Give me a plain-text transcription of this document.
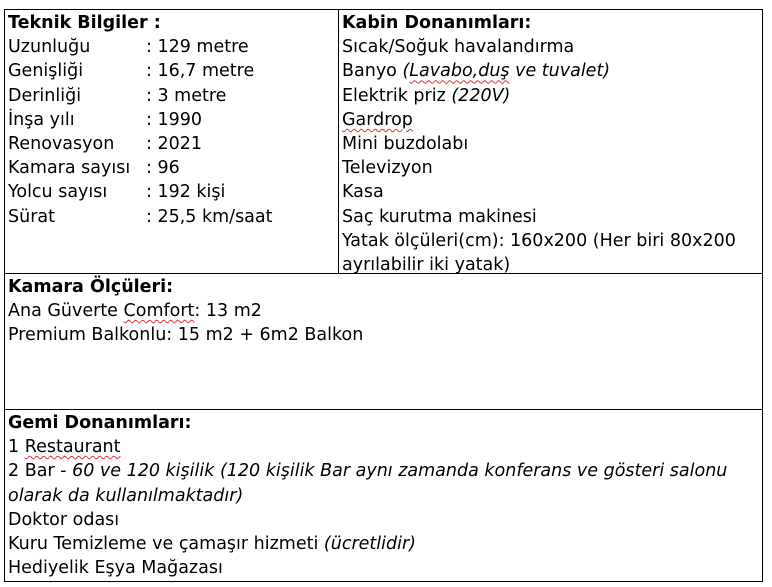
Teknik Bilgiler :
Uzunluğu	: 129 metre
Genişliği	: 16,7 metre
Derinliği	: 3 metre
İnşa yılı	: 1990
Renovasyon	: 2021
Kamara sayısı : 96
Yolcu sayısı	: 192 kişi
Sürat	: 25,5 km/saat
Kabin Donanımları:
Sıcak/Soğuk havalandırma
Banyo (Lavabo,duş ve tuvalet)
Elektrik priz (220V)
Gardrop
Mini buzdolabı
Televizyon
Kasa
Saç kurutma makinesi
Yatak ölçüleri(cm): 160x200 (Her biri 80x200
ayrılabilir iki yatak)
Kamara Ölçüleri:
Ana Güverte Comfort: 13 m2
Premium Balkonlu: 15 m2 + 6m2 Balkon
Gemi Donanımları:
1 Restaurant
2 Bar - 60 ve 120 kişilik (120 kişilik Bar aynı zamanda konferans ve gösteri salonu
olarak da kullanılmaktadır)
Doktor odası
Kuru Temizleme ve çamaşır hizmeti (ücretlidir)
Hediyelik Eşya Mağazası
